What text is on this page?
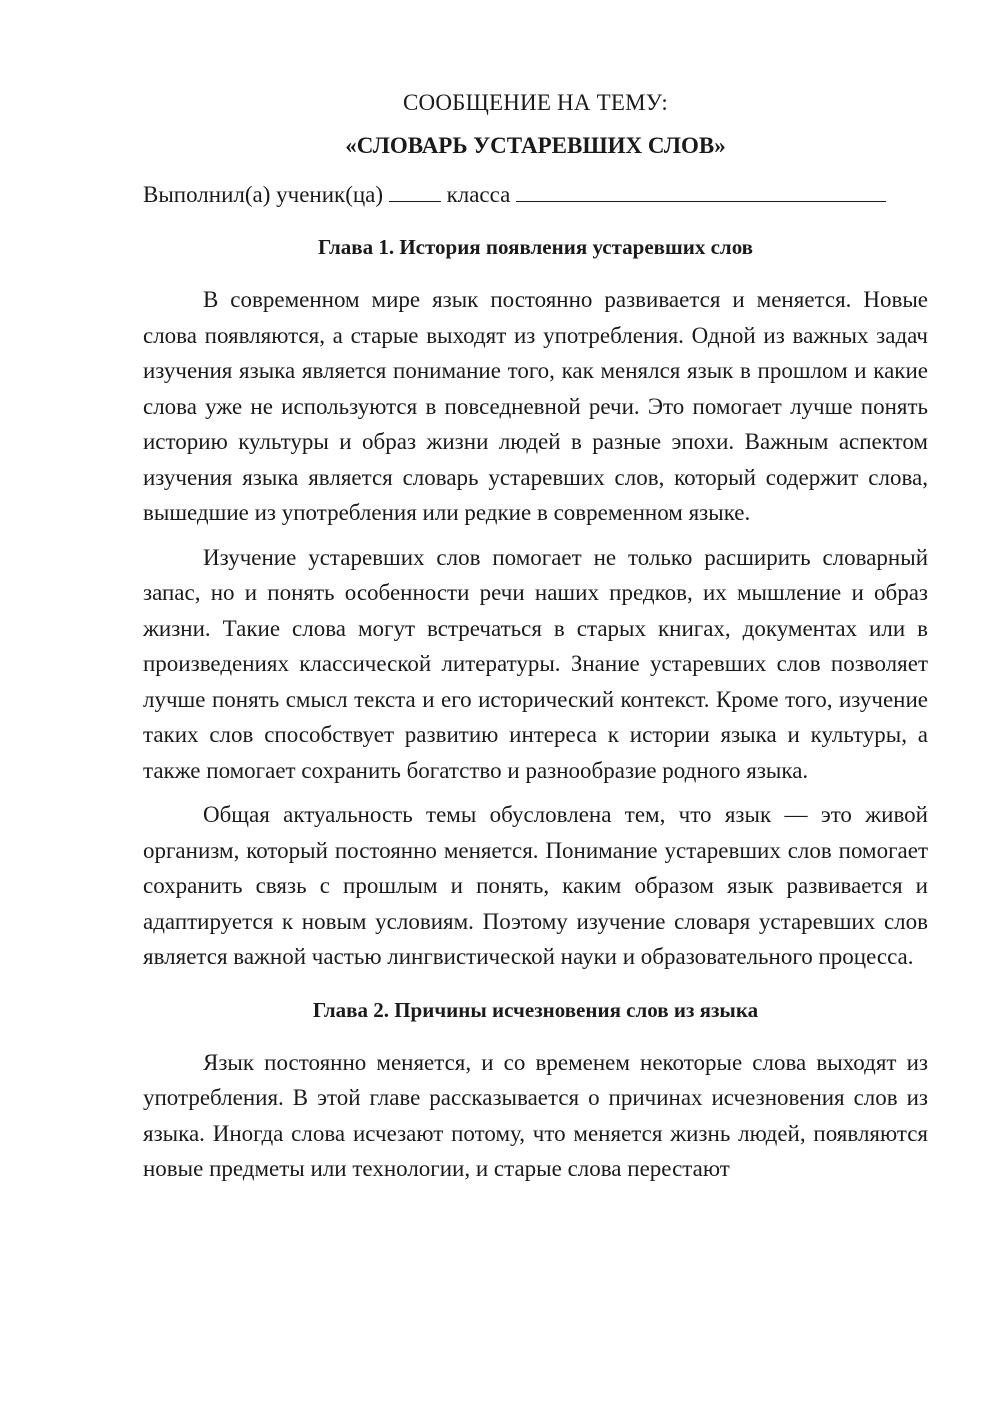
СООБЩЕНИЕ НА ТЕМУ:

«СЛОВАРЬ УСТАРЕВШИХ СЛОВ»

Выполнил(а) ученик(ца)	класса

Глава 1. История появления устаревших слов

В современном мире язык постоянно развивается и меняется. Новые слова появляются, а старые выходят из употребления. Одной из важных задач изучения языка является понимание того, как менялся язык в прошлом и какие слова уже не используются в повседневной речи. Это помогает лучше понять историю культуры и образ жизни людей в разные эпохи. Важным аспектом изучения языка является словарь устаревших слов, который содержит слова, вышедшие из употребления или редкие в современном языке.

Изучение устаревших слов помогает не только расширить словарный запас, но и понять особенности речи наших предков, их мышление и образ жизни. Такие слова могут встречаться в старых книгах, документах или в произведениях классической литературы. Знание устаревших слов позволяет лучше понять смысл текста и его исторический контекст. Кроме того, изучение таких слов способствует развитию интереса к истории языка и культуры, а также помогает сохранить богатство и разнообразие родного языка.

Общая актуальность темы обусловлена тем, что язык — это живой организм, который постоянно меняется. Понимание устаревших слов помогает сохранить связь с прошлым и понять, каким образом язык развивается и адаптируется к новым условиям. Поэтому изучение словаря устаревших слов является важной частью лингвистической науки и образовательного процесса.

Глава 2. Причины исчезновения слов из языка

Язык постоянно меняется, и со временем некоторые слова выходят из употребления. В этой главе рассказывается о причинах исчезновения слов из языка. Иногда слова исчезают потому, что меняется жизнь людей, появляются новые предметы или технологии, и старые слова перестают
